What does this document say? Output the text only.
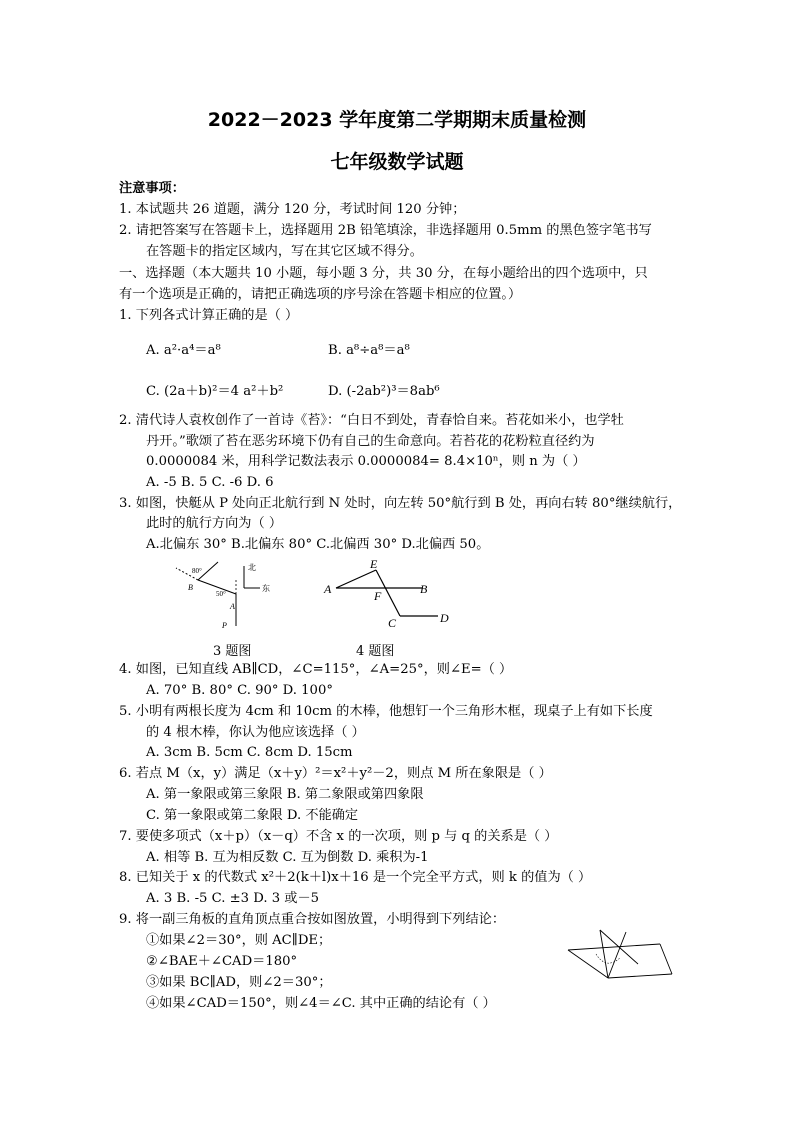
2022－2023 学年度第二学期期末质量检测
七年级数学试题
注意事项：
1. 本试题共 26 道题，满分 120 分，考试时间 120 分钟；
2. 请把答案写在答题卡上，选择题用 2B 铅笔填涂，非选择题用 0.5mm 的黑色签字笔书写
在答题卡的指定区域内，写在其它区域不得分。
一、选择题（本大题共 10 小题，每小题 3 分，共 30 分，在每小题给出的四个选项中，只
有一个选项是正确的，请把正确选项的序号涂在答题卡相应的位置。）
1. 下列各式计算正确的是（ ）
A. a²·a⁴＝a⁸	B. a⁸÷a⁸＝a⁸
C. (2a＋b)²＝4 a²＋b²	D. (-2ab²)³＝8ab⁶
2. 清代诗人袁枚创作了一首诗《苔》：“白日不到处，青春恰自来。苔花如米小，也学牡
丹开。”歌颂了苔在恶劣环境下仍有自己的生命意向。若苔花的花粉粒直径约为
0.0000084 米，用科学记数法表示 0.0000084= 8.4×10ⁿ，则 n 为（ ）
A. -5 B. 5 C. -6 D. 6
3. 如图，快艇从 P 处向正北航行到 N 处时，向左转 50°航行到 B 处，再向右转 80°继续航行，
此时的航行方向为（ ）
A.北偏东 30° B.北偏东 80° C.北偏西 30° D.北偏西 50。
北
东
80°
50°
B
A
P
3 题图
E
A	B
F
C	D
4 题图
4. 如图，已知直线 AB∥CD，∠C=115°，∠A=25°，则∠E=（ ）
A. 70° B. 80° C. 90° D. 100°
5. 小明有两根长度为 4cm 和 10cm 的木棒，他想钉一个三角形木框，现桌子上有如下长度
的 4 根木棒，你认为他应该选择（ ）
A. 3cm B. 5cm C. 8cm D. 15cm
6. 若点 M（x，y）满足（x＋y）²＝x²＋y²－2，则点 M 所在象限是（ ）
A. 第一象限或第三象限 B. 第二象限或第四象限
C. 第一象限或第二象限 D. 不能确定
7. 要使多项式（x＋p）（x－q）不含 x 的一次项，则 p 与 q 的关系是（ ）
A. 相等 B. 互为相反数 C. 互为倒数 D. 乘积为-1
8. 已知关于 x 的代数式 x²＋2(k＋l)x＋16 是一个完全平方式，则 k 的值为（ ）
A. 3 B. -5 C. ±3 D. 3 或－5
9. 将一副三角板的直角顶点重合按如图放置，小明得到下列结论：
①如果∠2＝30°，则 AC∥DE；
②∠BAE＋∠CAD＝180°
③如果 BC∥AD，则∠2＝30°；
④如果∠CAD＝150°，则∠4＝∠C. 其中正确的结论有（ ）
